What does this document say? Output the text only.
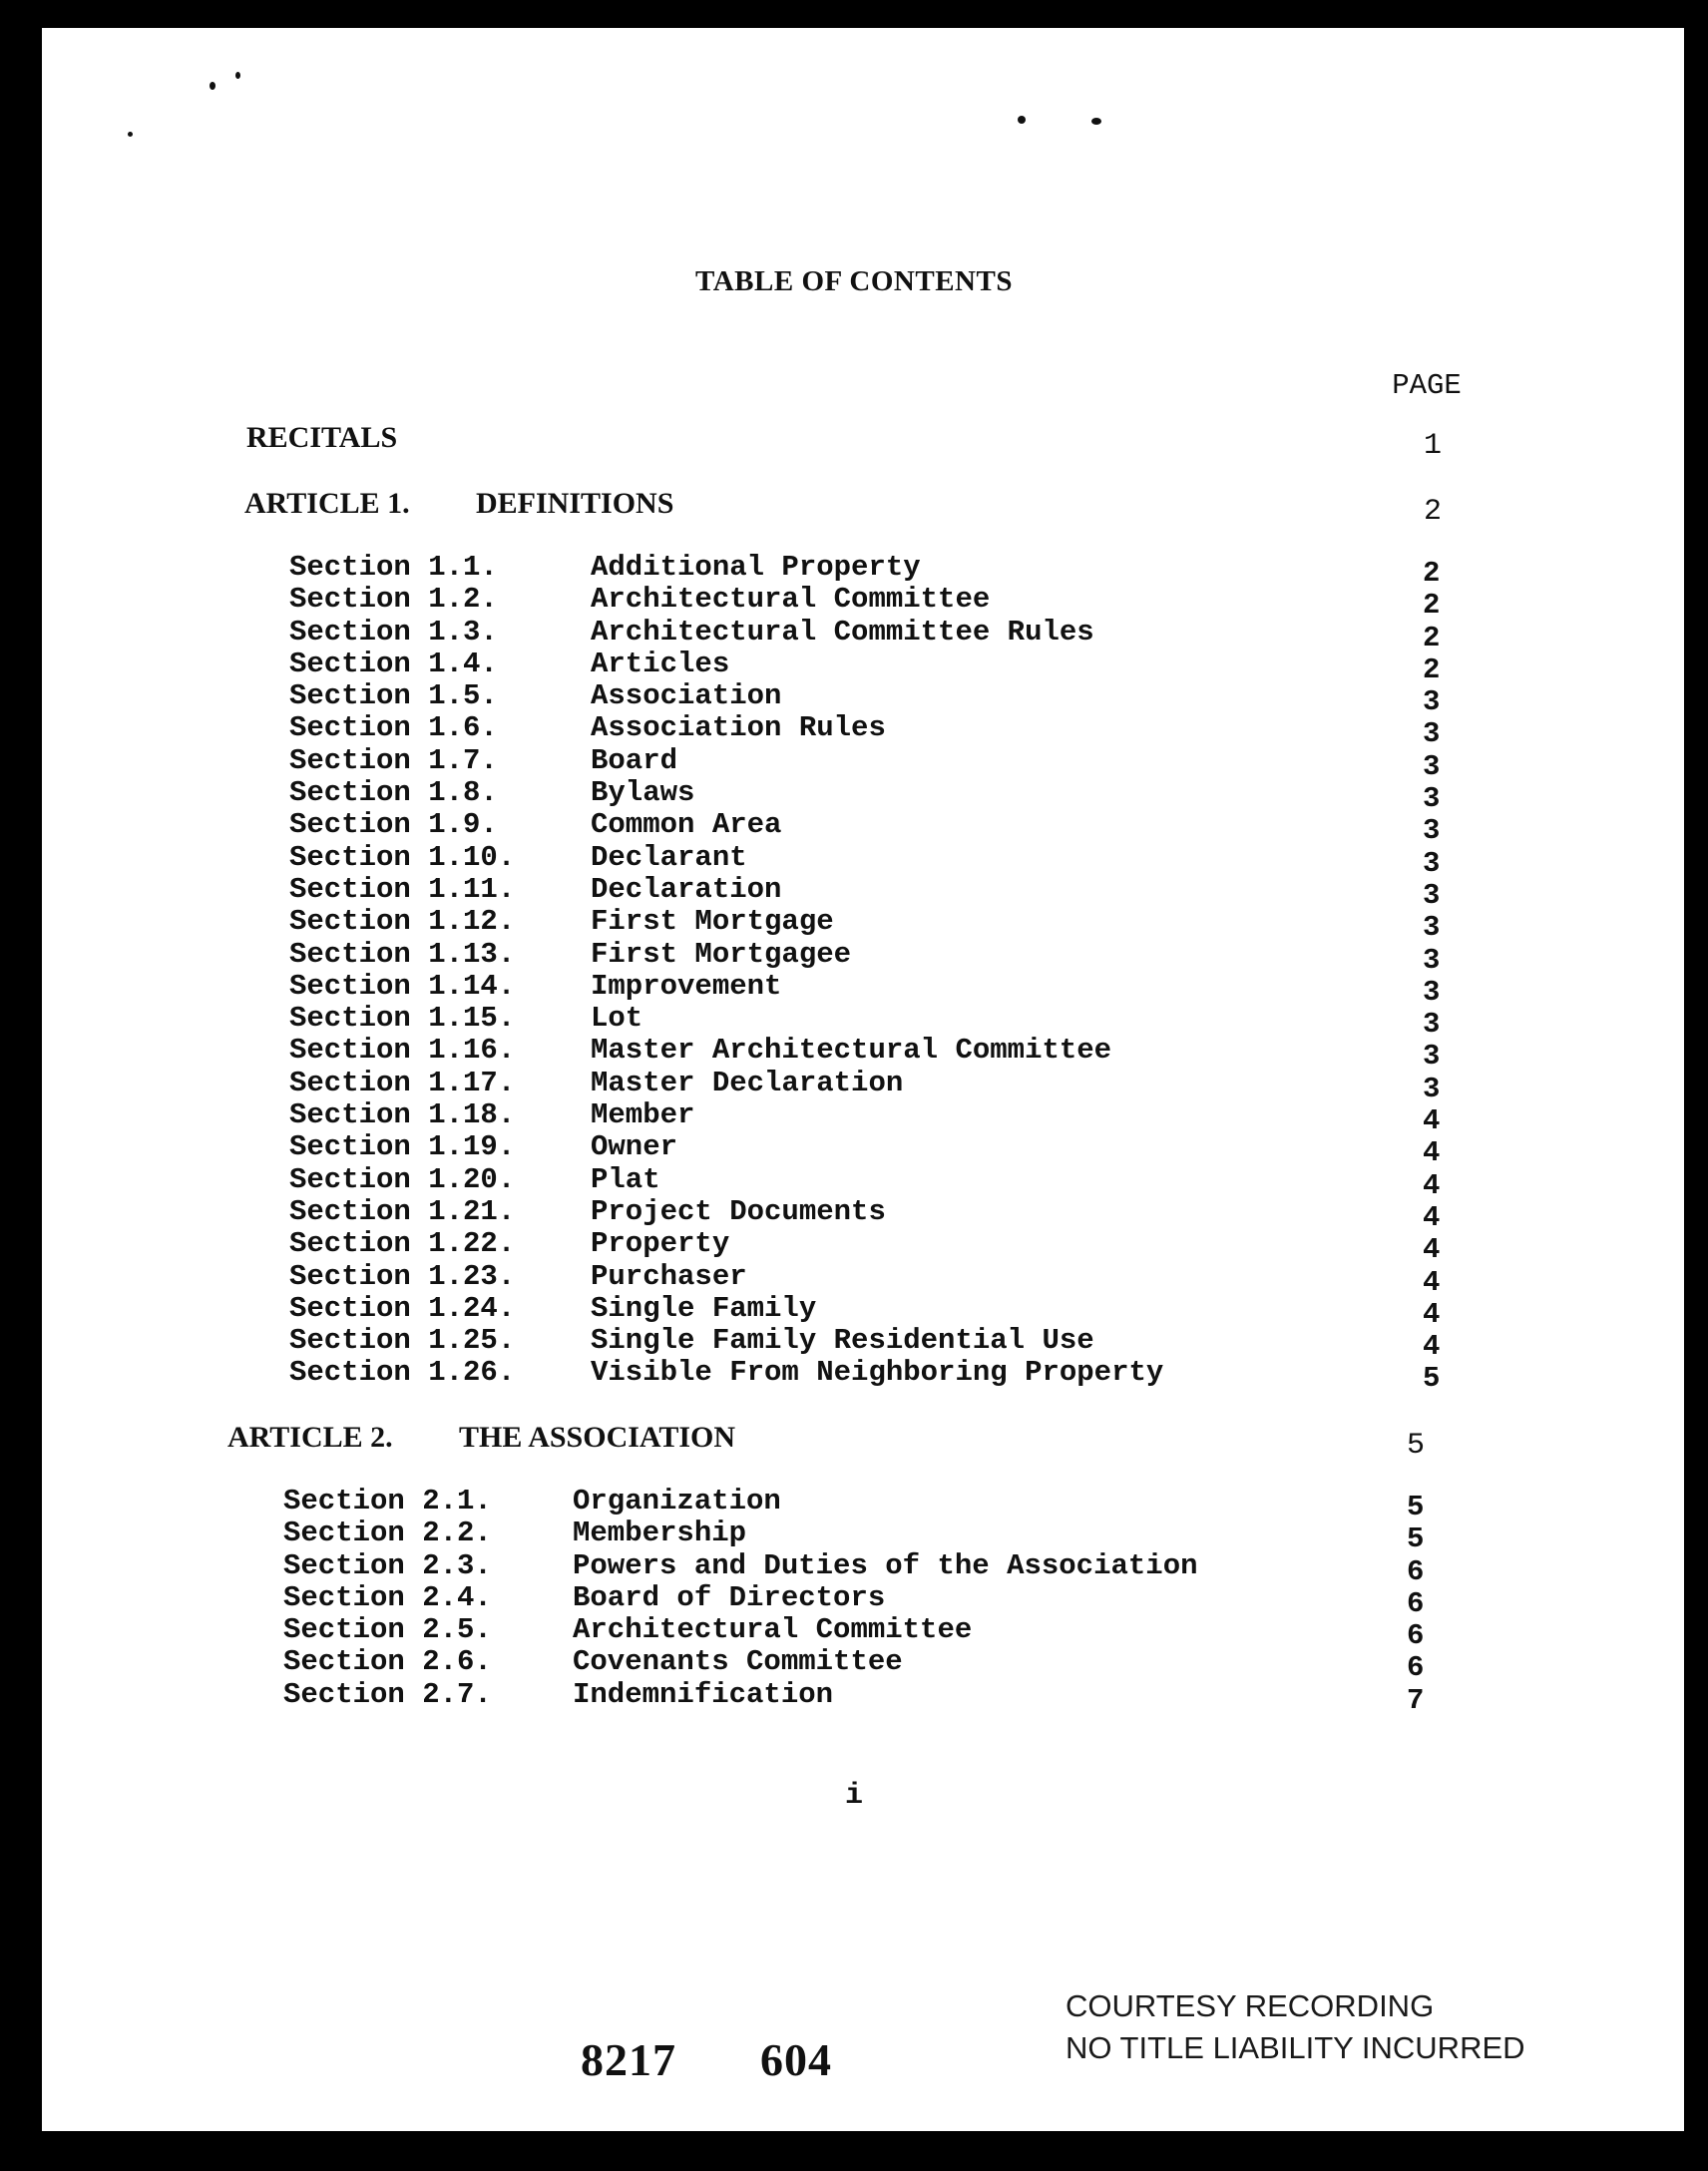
TABLE OF CONTENTS
PAGE
RECITALS	1
ARTICLE 1. DEFINITIONS	2
Section 1.1.	Additional Property	2
Section 1.2.	Architectural Committee	2
Section 1.3.	Architectural Committee Rules	2
Section 1.4.	Articles	2
Section 1.5.	Association	3
Section 1.6.	Association Rules	3
Section 1.7.	Board	3
Section 1.8.	Bylaws	3
Section 1.9.	Common Area	3
Section 1.10.	Declarant	3
Section 1.11.	Declaration	3
Section 1.12.	First Mortgage	3
Section 1.13.	First Mortgagee	3
Section 1.14.	Improvement	3
Section 1.15.	Lot	3
Section 1.16.	Master Architectural Committee	3
Section 1.17.	Master Declaration	3
Section 1.18.	Member	4
Section 1.19.	Owner	4
Section 1.20.	Plat	4
Section 1.21.	Project Documents	4
Section 1.22.	Property	4
Section 1.23.	Purchaser	4
Section 1.24.	Single Family	4
Section 1.25.	Single Family Residential Use	4
Section 1.26.	Visible From Neighboring Property	5
ARTICLE 2. THE ASSOCIATION	5
Section 2.1.	Organization	5
Section 2.2.	Membership	5
Section 2.3.	Powers and Duties of the Association	6
Section 2.4.	Board of Directors	6
Section 2.5.	Architectural Committee	6
Section 2.6.	Covenants Committee	6
Section 2.7.	Indemnification	7
i
8217 604
COURTESY RECORDING
NO TITLE LIABILITY INCURRED
